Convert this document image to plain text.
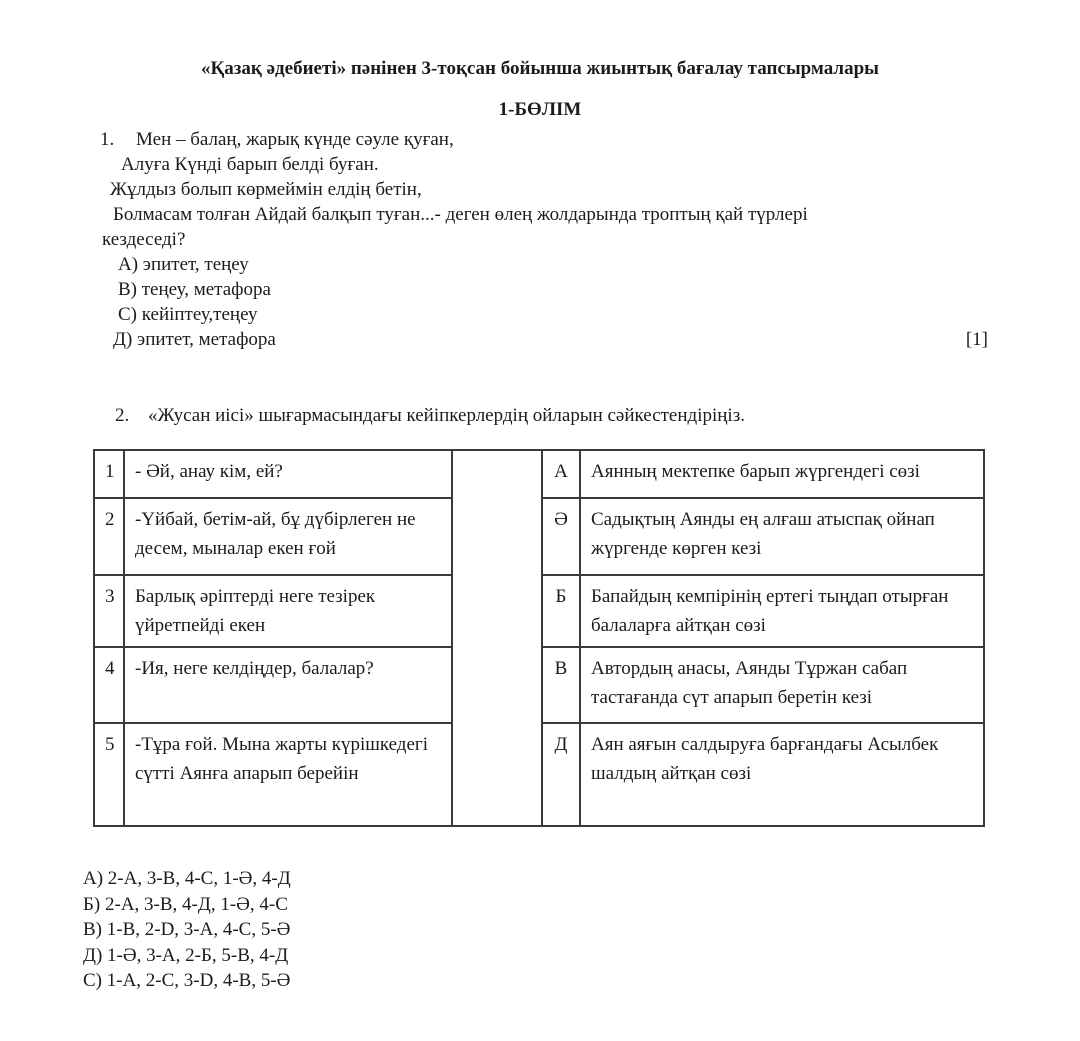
«Қазақ әдебиеті» пәнінен 3-тоқсан бойынша жиынтық бағалау тапсырмалары
1-БӨЛІМ
1.	Мен – балаң, жарық күнде сәуле қуған,
Алуға Күнді барып белді буған.
Жұлдыз болып көрмеймін елдің бетін,
Болмасам толған Айдай балқып туған...- деген өлең жолдарында троптың қай түрлері
кездеседі?
А) эпитет, теңеу
В) теңеу, метафора
С) кейіптеу,теңеу
Д) эпитет, метафора	[1]
2. «Жусан иісі» шығармасындағы кейіпкерлердің ойларын сәйкестендіріңіз.
1	- Әй, анау кім, ей?		А	Аянның мектепке барып жүргендегі сөзі
2	-Үйбай, бетім-ай, бұ дүбірлеген не десем, мыналар екен ғой		Ә	Садықтың Аянды ең алғаш атыспақ ойнап жүргенде көрген кезі
3	Барлық әріптерді неге тезірек үйретпейді екен		Б	Бапайдың кемпірінің ертегі тыңдап отырған балаларға айтқан сөзі
4	-Ия, неге келдіңдер, балалар?		В	Автордың анасы, Аянды Тұржан сабап тастағанда сүт апарып беретін кезі
5	-Тұра ғой. Мына жарты күрішкедегі сүтті Аянға апарып берейін		Д	Аян аяғын салдыруға барғандағы Асылбек шалдың айтқан сөзі
А) 2-А, 3-В, 4-С, 1-Ә, 4-Д
Б) 2-А, 3-В, 4-Д, 1-Ә, 4-С
В) 1-В, 2-D, 3-А, 4-С, 5-Ә
Д) 1-Ә, 3-А, 2-Б, 5-В, 4-Д
С) 1-А, 2-С, 3-D, 4-В, 5-Ә
